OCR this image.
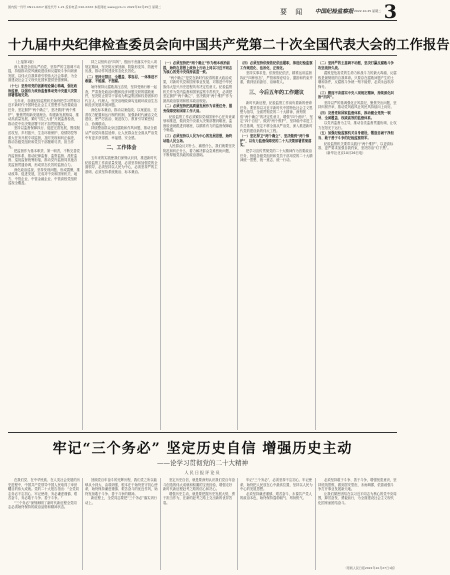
国内统一刊号 CN11-0217 邮发代号 1-21 投诉电话 010-XXXX 本报网址 www.jjjcb.cn 2022年10月25日 星期二
要 闻 中国纪检监察报 2022.10.25 星期二 3
十九届中央纪律检查委员会向中国共产党第二十次全国代表大会的工作报告

（上接第1版）

深入推进全面从严治党，坚持严的主基调不动摇，持续推动党风廉政建设和反腐败斗争向纵深发展，以伟大自我革命引领伟大社会革命，为全面建设社会主义现代化国家提供坚强保障。

（十七）坚持用党的创新理论凝心铸魂，强化政治监督，以强有力政治监督推动党中央重大决策部署落地见效。

五年来，各级纪检监察机关始终把学习贯彻习近平新时代中国特色社会主义思想作为首要政治任务，坚定拥护“两个确立”，坚决做到“两个维护”，聚焦贯彻新发展理念、构建新发展格局、推动高质量发展，紧盯“国之大者”开展监督检查，推动党中央决策部署不折不扣贯彻落实。

坚持以监督保障执行、促进完善发展，围绕脱贫攻坚、乡村振兴、生态环境保护、疫情防控等重大任务开展专项监督，及时发现和纠正偏差，推动各级党组织和党员干部履职尽责、担当作为。

把监督作为基本职责、第一职责，不断完善党内监督体系，推动纪律监督、监察监督、派驻监督、巡视监督统筹衔接，推动党内监督同其他各类监督贯通协调，形成常态长效的监督合力。

深化政治巡视，坚持发现问题、形成震慑，推动改革、促进发展，完成对中央和国家机关、地方、中管企业、中管金融企业、中管高校党组织巡视全覆盖。

持之以恒纠治“四风”，锲而不舍落实中央八项规定精神，坚决防反弹回潮、防隐形变异、防疲劳厌战，推动作风建设常态化长效化。

（二）坚持无禁区、全覆盖、零容忍，一体推进不敢腐、不能腐、不想腐。

始终保持反腐败高压态势，坚持受贿行贿一起查，严肃查处政治问题和经济问题交织的腐败案件，坚决防止领导干部成为利益集团和权势团体的代言人、代理人，坚决治理政商勾连破坏政治生态和经济发展环境问题。

深化标本兼治，推动以案促改、以案促治，完善权力配置和运行制约机制，加强新时代廉洁文化建设，使严厉惩治、规范权力、教育引导紧密结合、协调联动。

持续整治群众身边腐败和作风问题，推动全面从严治党向基层延伸，让人民群众在全面从严治党中有更多获得感、幸福感、安全感。

二、工作体会

五年来的实践使我们深刻认识到，推进新时代纪检监察工作高质量发展，必须坚持和加强党的全面领导，必须坚持以人民为中心，必须坚持严的主基调，必须坚持系统施治、标本兼治。

（一）必须坚持把“两个确立”作为根本政治前提，始终在思想上政治上行动上同以习近平同志为核心的党中央保持高度一致。

“两个确立”是党在新时代取得的重大政治成果，对新时代党和国家事业发展、对推进中华民族伟大复兴历史进程具有决定性意义。纪检监察机关作为党内监督和国家监察专责机关，必须把坚定拥护“两个确立”、坚决做到“两个维护”作为最高政治原则和根本政治规矩。

（二）必须坚持把高质量发展作为首要任务，服务保障党和国家工作大局。

纪检监察工作必须紧扣党和国家中心任务来谋划和推进，做到党中央重大决策部署到哪里，监督检查就跟进到哪里，以精准有力的监督保障政令畅通。

（三）必须坚持以人民为中心的发展思想，始终站稳人民立场。

人民群众反对什么、痛恨什么，我们就要坚决防范和纠正什么，着力解决群众急难愁盼问题，不断厚植党执政的政治基础。

（四）必须坚持依规依纪依法履职，推进纪检监察工作规范化、法治化、正规化。

坚持实事求是、依规依纪依法，精准运用监督执纪“四种形态”，严管和厚爱结合，激励和约束并重，做到惩前毖后、治病救人。

三、今后五年的工作建议

新时代新征程，纪检监察工作肩负着新的使命任务。要坚持以习近平新时代中国特色社会主义思想为指导，全面贯彻党的二十大精神，深刻领悟“两个确立”的决定性意义，增强“四个意识”、坚定“四个自信”、做到“两个维护”，坚持稳中求进工作总基调，坚定不移全面从严治党，深入推进新时代党的建设新的伟大工程。

（一）坚定捍卫“两个确立”、坚决做到“两个维护”，以有力监督保障党的二十大决策部署贯彻落实。

把学习宣传贯彻党的二十大精神作为首要政治任务，督促各级党组织和党员干部用党的二十大精神统一思想、统一意志、统一行动。

（二）坚持严的主基调不动摇，坚决打赢反腐败斗争攻坚战持久战。

腐败是危害党的生命力和战斗力的最大毒瘤，反腐败是最彻底的自我革命。只要存在腐败问题产生的土壤和条件，反腐败斗争就一刻不能停，必须永远吹冲锋号。

（三）锲而不舍落实中央八项规定精神，持续深化纠治“四风”。

坚持以严的基调强化正风肃纪，聚焦突出问题，坚持纠树并举，推动党风政风社风民风持续向上向好。

（四）完善党和国家监督体系，推动健全党统一领导、全面覆盖、权威高效的监督体系。

以党内监督为主导，推动各类监督贯通协调，让权力在阳光下运行。

（五）加强纪检监察机关自身建设，锻造忠诚干净担当、敢于善于斗争的纪检监察铁军。

纪检监察机关要带头践行“两个维护”，以更高标准、更严要求加强自我约束，坚决防治“灯下黑”。

（新华社北京10月26日电）

牢记“三个务必” 坚定历史自信 增强历史主动
——论学习贯彻党的二十大精神
人民日报评论员

在我们党、在中华民族、在人类社会发展的历史进程中，中国共产党领导中国人民取得了举世瞩目的伟大成就。党的二十大报告指出：“全党同志务必不忘初心、牢记使命，务必谦虚谨慎、艰苦奋斗，务必敢于斗争、善于斗争。”

“三个务必”深刻阐明了新时代新征程全党同志必须始终保持的政治品格和精神状态。

回顾党百年奋斗的光辉历程，我们党之所以能够从小到大、由弱到强，根本在于始终坚守初心使命，始终保持谦虚谨慎、艰苦奋斗的优良作风，始终发扬敢于斗争、善于斗争的精神。

新征程上，全党同志要把“三个务必”落实到行动上。

坚定历史自信，就是要深刻认识我们党百年奋斗创造的伟大成就和积累的宝贵经验，增强走好新时代新征程赶考之路的信心和决心。

增强历史主动，就是要把握历史发展大势，勇于担当作为，在新的赶考之路上交出新的优异答卷。

牢记“三个务必”，必须坚持不忘初心、牢记使命，始终把人民放在心中最高位置，坚持以人民为中心的发展思想。

必须坚持谦虚谨慎、艰苦奋斗，永葆共产党人的政治本色，始终保持蓬勃朝气、昂扬锐气。

必须坚持敢于斗争、善于斗争，增强忧患意识，坚持底线思维，做到居安思危、未雨绸缪，依靠顽强斗争打开事业发展新天地。

让我们紧密团结在以习近平同志为核心的党中央周围，踔厉奋发、勇毅前行，为全面建设社会主义现代化国家而团结奋斗。

（原载人民日报2022年10月27日1版）
